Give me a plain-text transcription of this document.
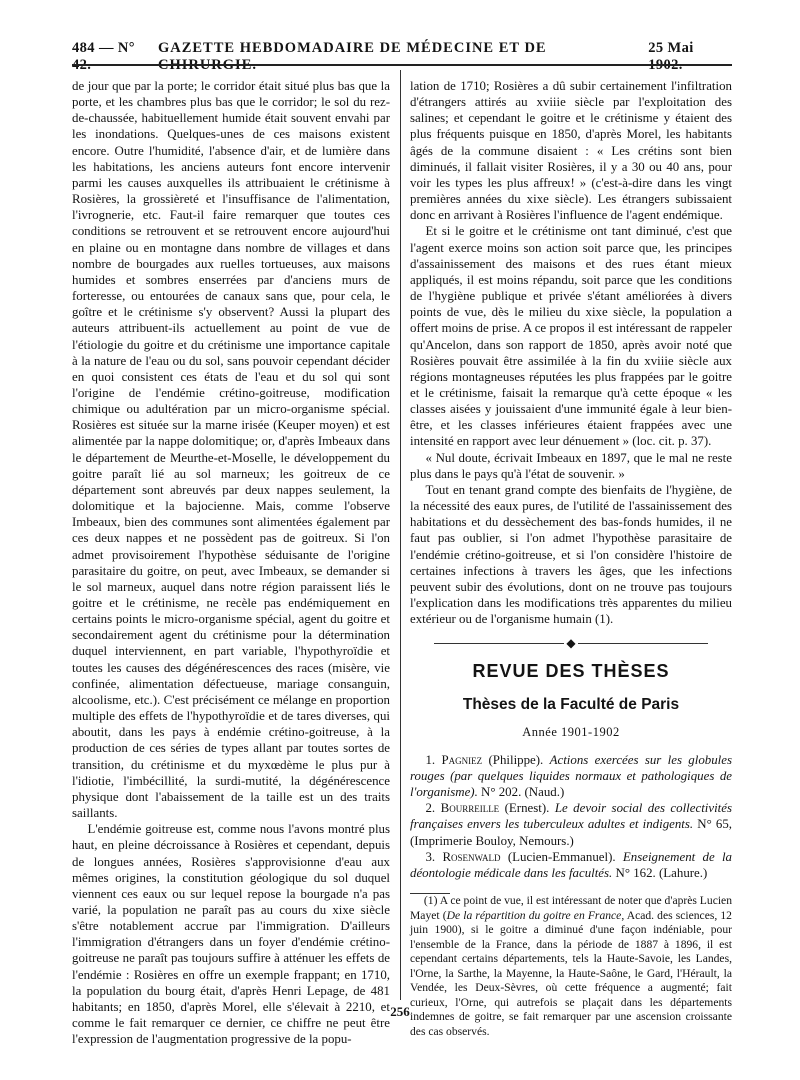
484 — N° 42.
GAZETTE HEBDOMADAIRE DE MÉDECINE ET DE CHIRURGIE.
25 Mai 1902.

de jour que par la porte; le corridor était situé plus bas que la porte, et les chambres plus bas que le corridor; le sol du rez-de-chaussée, habituellement humide était souvent envahi par les inondations. Quelques-unes de ces maisons existent encore. Outre l'humidité, l'absence d'air, et de lumière dans les habitations, les anciens auteurs font encore intervenir parmi les causes auxquelles ils attribuaient le crétinisme à Rosières, la grossièreté et l'insuffisance de l'alimentation, l'ivrognerie, etc. Faut-il faire remarquer que toutes ces conditions se retrouvent et se retrouvent encore aujourd'hui en plaine ou en montagne dans nombre de villages et dans nombre de bourgades aux ruelles tortueuses, aux maisons humides et sombres enserrées par d'anciens murs de forteresse, ou entourées de canaux sans que, pour cela, le goître et le crétinisme s'y observent? Aussi la plupart des auteurs attribuent-ils actuellement au point de vue de l'étiologie du goitre et du crétinisme une importance capitale à la nature de l'eau ou du sol, sans pouvoir cependant décider en quoi consistent ces états de l'eau et du sol qui sont l'origine de l'endémie crétino-goitreuse, modification chimique ou adultération par un micro-organisme spécial. Rosières est située sur la marne irisée (Keuper moyen) et est alimentée par la nappe dolomitique; or, d'après Imbeaux dans le département de Meurthe-et-Moselle, le développement du goitre paraît lié au sol marneux; les goitreux de ce département sont abreuvés par deux nappes seulement, la dolomitique et la bajocienne. Mais, comme l'observe Imbeaux, bien des communes sont alimentées également par ces deux nappes et ne possèdent pas de goitreux. Si l'on admet provisoirement l'hypothèse séduisante de l'origine parasitaire du goitre, on peut, avec Imbeaux, se demander si le sol marneux, auquel dans notre région paraissent liés le goitre et le crétinisme, ne recèle pas endémiquement en certains points le micro-organisme spécial, agent du goitre et secondairement agent du crétinisme pour la détermination duquel interviennent, en part variable, l'hypothyroïdie et toutes les causes des dégénérescences des races (misère, vie confinée, alimentation défectueuse, mariage consanguin, alcoolisme, etc.). C'est précisément ce mélange en proportion multiple des effets de l'hypothyroïdie et de tares diverses, qui aboutit, dans les pays à endémie crétino-goitreuse, à la production de ces séries de types allant par toutes sortes de transition, du crétinisme et du myxœdème le plus pur à l'idiotie, l'imbécillité, la surdi-mutité, la dégénérescence physique dont l'abaissement de la taille est un des traits saillants.

L'endémie goitreuse est, comme nous l'avons montré plus haut, en pleine décroissance à Rosières et cependant, depuis de longues années, Rosières s'approvisionne d'eau aux mêmes origines, la constitution géologique du sol duquel viennent ces eaux ou sur lequel repose la bourgade n'a pas varié, la population ne paraît pas au cours du xixe siècle s'être notablement accrue par l'immigration. D'ailleurs l'immigration d'étrangers dans un foyer d'endémie crétino-goitreuse ne paraît pas toujours suffire à atténuer les effets de l'endémie : Rosières en offre un exemple frappant; en 1710, la population du bourg était, d'après Henri Lepage, de 481 habitants; en 1850, d'après Morel, elle s'élevait à 2210, et comme le fait remarquer ce dernier, ce chiffre ne peut être l'expression de l'augmentation progressive de la popu-

lation de 1710; Rosières a dû subir certainement l'infiltration d'étrangers attirés au xviiie siècle par l'exploitation des salines; et cependant le goitre et le crétinisme y étaient des plus fréquents puisque en 1850, d'après Morel, les habitants âgés de la commune disaient : « Les crétins sont bien diminués, il fallait visiter Rosières, il y a 30 ou 40 ans, pour voir les types les plus affreux! » (c'est-à-dire dans les vingt premières années du xixe siècle). Les étrangers subissaient donc en arrivant à Rosières l'influence de l'agent endémique.

Et si le goitre et le crétinisme ont tant diminué, c'est que l'agent exerce moins son action soit parce que, les principes d'assainissement des maisons et des rues étant mieux appliqués, il est moins répandu, soit parce que les conditions de l'hygiène publique et privée s'étant améliorées à divers points de vue, dès le milieu du xixe siècle, la population a offert moins de prise. A ce propos il est intéressant de rappeler qu'Ancelon, dans son rapport de 1850, après avoir noté que Rosières pouvait être assimilée à la fin du xviiie siècle aux régions montagneuses réputées les plus frappées par le goitre et le crétinisme, faisait la remarque qu'à cette époque « les classes aisées y jouissaient d'une immunité égale à leur bien-être, et les classes inférieures étaient frappées avec une intensité en rapport avec leur dénuement » (loc. cit. p. 37).

« Nul doute, écrivait Imbeaux en 1897, que le mal ne reste plus dans le pays qu'à l'état de souvenir. »

Tout en tenant grand compte des bienfaits de l'hygiène, de la nécessité des eaux pures, de l'utilité de l'assainissement des habitations et du dessèchement des bas-fonds humides, il ne faut pas oublier, si l'on admet l'hypothèse parasitaire de l'endémie crétino-goitreuse, et si l'on considère l'histoire de certaines infections à travers les âges, que les infections peuvent subir des évolutions, dont on ne trouve pas toujours l'explication dans les modifications très apparentes du milieu extérieur ou de l'organisme humain (1).

◆
REVUE DES THÈSES
Thèses de la Faculté de Paris
Année 1901-1902

1. Pagniez (Philippe). Actions exercées sur les globules rouges (par quelques liquides normaux et pathologiques de l'organisme). N° 202. (Naud.)

2. Bourreille (Ernest). Le devoir social des collectivités françaises envers les tuberculeux adultes et indigents. N° 65, (Imprimerie Bouloy, Nemours.)

3. Rosenwald (Lucien-Emmanuel). Enseignement de la déontologie médicale dans les facultés. N° 162. (Lahure.)

(1) A ce point de vue, il est intéressant de noter que d'après Lucien Mayet (De la répartition du goitre en France, Acad. des sciences, 12 juin 1900), si le goitre a diminué d'une façon indéniable, pour l'ensemble de la France, dans la période de 1887 à 1896, il est cependant certains départements, tels la Haute-Savoie, les Landes, l'Orne, la Sarthe, la Mayenne, la Haute-Saône, le Gard, l'Hérault, la Vendée, les Deux-Sèvres, où cette fréquence a augmenté; fait curieux, l'Orne, qui autrefois se plaçait dans les départements indemnes de goitre, se fait remarquer par une ascension croissante des cas observés.

256
